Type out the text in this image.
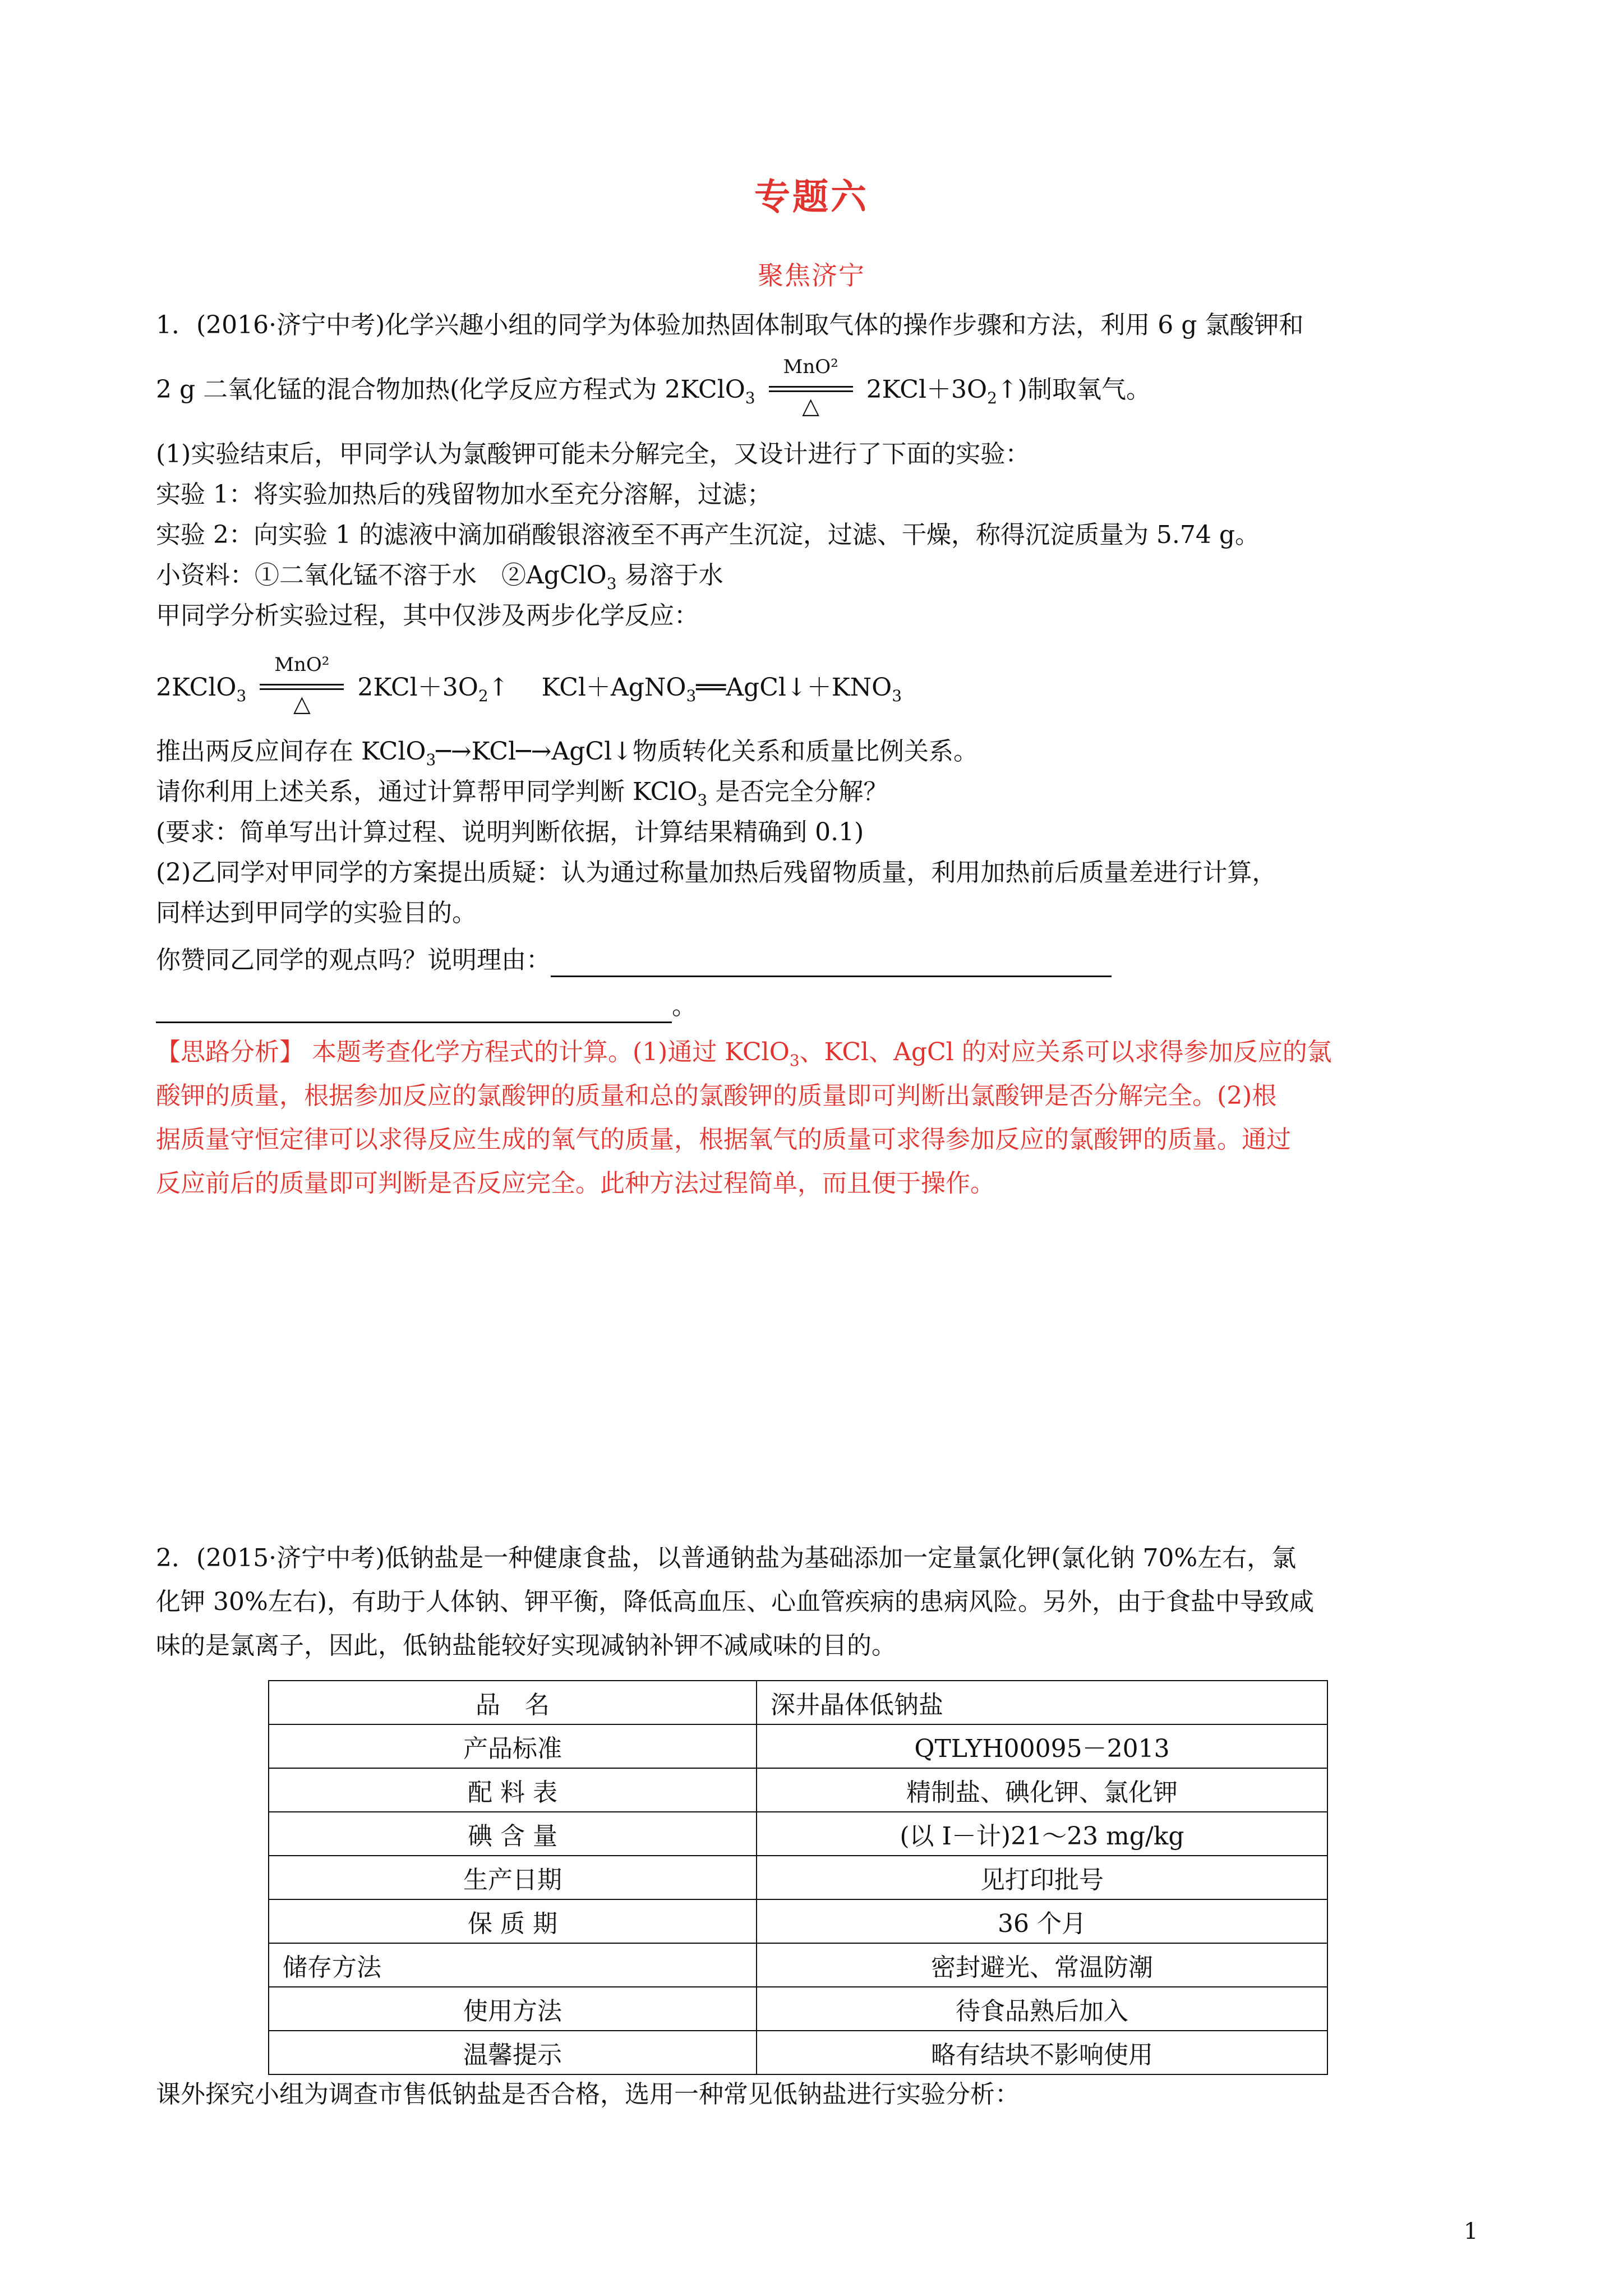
专题六
聚焦济宁
1．(2016·济宁中考)化学兴趣小组的同学为体验加热固体制取气体的操作步骤和方法，利用 6 g 氯酸钾和
2 g 二氧化锰的混合物加热(化学反应方程式为 2KClO$_3$
MnO²
△
$2KCl+3O_2↑$)制取氧气。
(1)实验结束后，甲同学认为氯酸钾可能未分解完全，又设计进行了下面的实验：
实验 1：将实验加热后的残留物加水至充分溶解，过滤；
实验 2：向实验 1 的滤液中滴加硝酸银溶液至不再产生沉淀，过滤、干燥，称得沉淀质量为 5.74 g。
小资料：①二氧化锰不溶于水　②AgClO$_3$ 易溶于水
甲同学分析实验过程，其中仅涉及两步化学反应：
2KClO$_3$
MnO²
△
$2KCl+3O_2↑$　 $KCl+AgNO_3══AgCl↓+KNO_3$
推出两反应间存在 KClO$_3$─→KCl─→AgCl↓物质转化关系和质量比例关系。
请你利用上述关系，通过计算帮甲同学判断 KClO$_3$ 是否完全分解？
(要求：简单写出计算过程、说明判断依据，计算结果精确到 0.1)
(2)乙同学对甲同学的方案提出质疑：认为通过称量加热后残留物质量，利用加热前后质量差进行计算，
同样达到甲同学的实验目的。
你赞同乙同学的观点吗？说明理由：
。
【思路分析】 本题考查化学方程式的计算。(1)通过 KClO$_3$、KCl、AgCl 的对应关系可以求得参加反应的氯
酸钾的质量，根据参加反应的氯酸钾的质量和总的氯酸钾的质量即可判断出氯酸钾是否分解完全。(2)根
据质量守恒定律可以求得反应生成的氧气的质量，根据氧气的质量可求得参加反应的氯酸钾的质量。通过
反应前后的质量即可判断是否反应完全。此种方法过程简单，而且便于操作。
2．(2015·济宁中考)低钠盐是一种健康食盐，以普通钠盐为基础添加一定量氯化钾(氯化钠 70%左右，氯
化钾 30%左右)，有助于人体钠、钾平衡，降低高血压、心血管疾病的患病风险。另外，由于食盐中导致咸
味的是氯离子，因此，低钠盐能较好实现减钠补钾不减咸味的目的。
品　名	深井晶体低钠盐
产品标准	QTLYH00095－2013
配 料 表	精制盐、碘化钾、氯化钾
碘 含 量	(以 I－计)21～23 mg/kg
生产日期	见打印批号
保 质 期	36 个月
储存方法	密封避光、常温防潮
使用方法	待食品熟后加入
温馨提示	略有结块不影响使用
课外探究小组为调查市售低钠盐是否合格，选用一种常见低钠盐进行实验分析：
1
